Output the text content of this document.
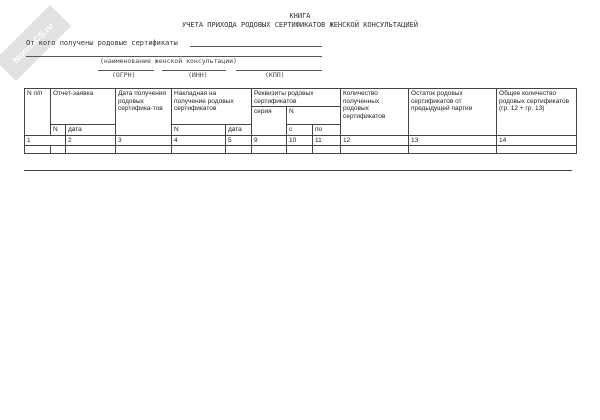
NormaCS.ru
КНИГА
УЧЕТА ПРИХОДА РОДОВЫХ СЕРТИФИКАТОВ ЖЕНСКОЙ КОНСУЛЬТАЦИЕЙ
От кого получены родовые сертификаты
(наименование женской консультации)
(ОГРН)	(ИНН)	(КПП)
N п/п	Отчет-заявка		Дата получения родовых сертифика-тов	Накладная на получение родовых сертификатов		Реквизиты родовых сертификатов			Количество полученных родовых сертификатов	Остаток родовых сертификатов от предыдущей партии	Общее количество родовых сертификатов (гр. 12 + гр. 13)
						серия	N				
	N	дата		N	дата		с	по			
1		2	3	4	5	9	10	11	12	13	14
